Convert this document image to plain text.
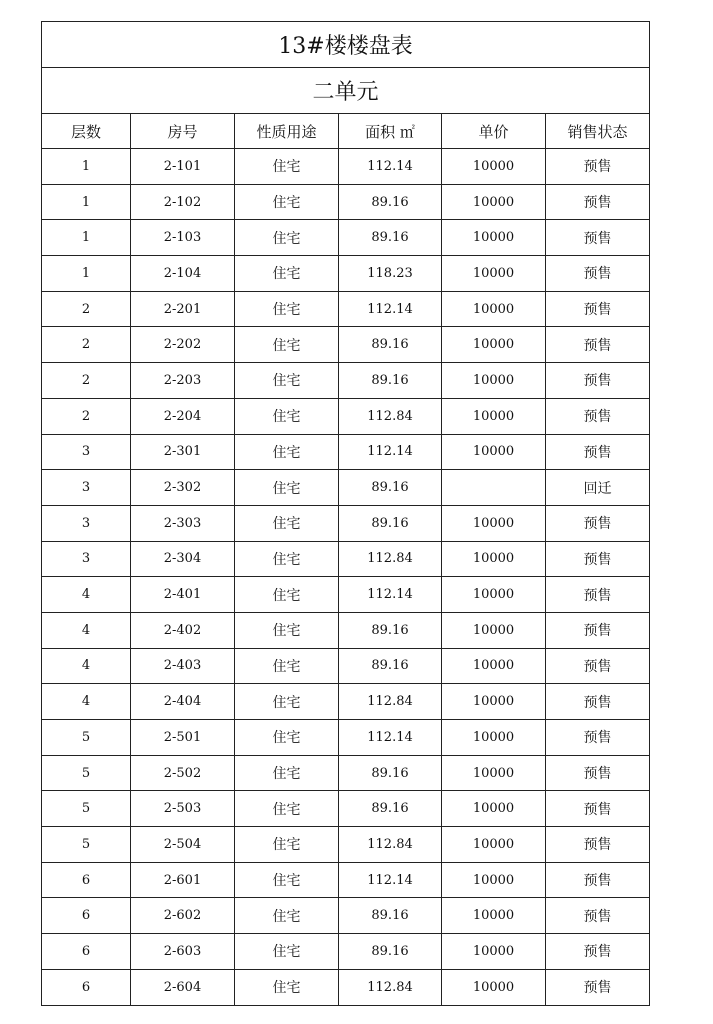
13#楼楼盘表					
二单元					
层数	房号	性质用途	面积 ㎡	单价	销售状态
1	2-101	住宅	112.14	10000	预售
1	2-102	住宅	89.16	10000	预售
1	2-103	住宅	89.16	10000	预售
1	2-104	住宅	118.23	10000	预售
2	2-201	住宅	112.14	10000	预售
2	2-202	住宅	89.16	10000	预售
2	2-203	住宅	89.16	10000	预售
2	2-204	住宅	112.84	10000	预售
3	2-301	住宅	112.14	10000	预售
3	2-302	住宅	89.16		回迁
3	2-303	住宅	89.16	10000	预售
3	2-304	住宅	112.84	10000	预售
4	2-401	住宅	112.14	10000	预售
4	2-402	住宅	89.16	10000	预售
4	2-403	住宅	89.16	10000	预售
4	2-404	住宅	112.84	10000	预售
5	2-501	住宅	112.14	10000	预售
5	2-502	住宅	89.16	10000	预售
5	2-503	住宅	89.16	10000	预售
5	2-504	住宅	112.84	10000	预售
6	2-601	住宅	112.14	10000	预售
6	2-602	住宅	89.16	10000	预售
6	2-603	住宅	89.16	10000	预售
6	2-604	住宅	112.84	10000	预售
